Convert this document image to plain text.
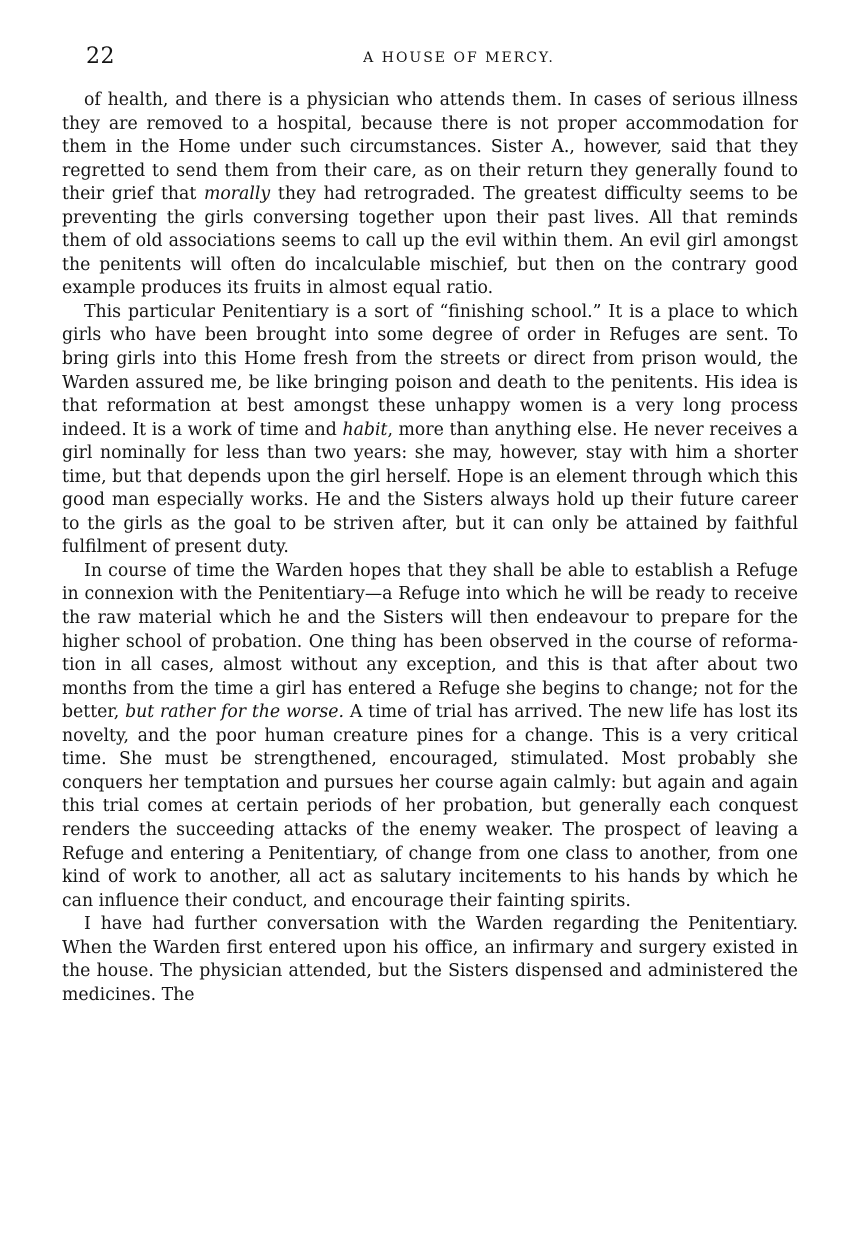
22	A HOUSE OF MERCY.

of health, and there is a physician who attends them. In cases of serious illness they are removed to a hospital, because there is not proper accommodation for them in the Home under such circumstances. Sister A., however, said that they regretted to send them from their care, as on their return they generally found to their grief that morally they had retrograded. The greatest difficulty seems to be preventing the girls conversing together upon their past lives. All that reminds them of old associations seems to call up the evil within them. An evil girl amongst the penitents will often do incalculable mischief, but then on the contrary good example produces its fruits in almost equal ratio.

This particular Penitentiary is a sort of “finishing school.” It is a place to which girls who have been brought into some degree of order in Refuges are sent. To bring girls into this Home fresh from the streets or direct from prison would, the Warden assured me, be like bringing poison and death to the penitents. His idea is that reformation at best amongst these unhappy women is a very long process indeed. It is a work of time and habit, more than anything else. He never receives a girl nominally for less than two years: she may, however, stay with him a shorter time, but that depends upon the girl herself. Hope is an element through which this good man especially works. He and the Sisters always hold up their future career to the girls as the goal to be striven after, but it can only be attained by faithful fulfilment of present duty.

In course of time the Warden hopes that they shall be able to establish a Refuge in connexion with the Penitentiary—a Refuge into which he will be ready to receive the raw material which he and the Sisters will then endeavour to prepare for the higher school of probation. One thing has been observed in the course of reformation in all cases, almost without any exception, and this is that after about two months from the time a girl has entered a Refuge she begins to change; not for the better, but rather for the worse. A time of trial has arrived. The new life has lost its novelty, and the poor human creature pines for a change. This is a very critical time. She must be strengthened, encouraged, stimulated. Most probably she conquers her temptation and pursues her course again calmly: but again and again this trial comes at certain periods of her probation, but generally each conquest renders the succeeding attacks of the enemy weaker. The prospect of leaving a Refuge and entering a Penitentiary, of change from one class to another, from one kind of work to another, all act as salutary incitements to his hands by which he can influence their conduct, and encourage their fainting spirits.

I have had further conversation with the Warden regarding the Penitentiary. When the Warden first entered upon his office, an infirmary and surgery existed in the house. The physician attended, but the Sisters dispensed and administered the medicines. The
